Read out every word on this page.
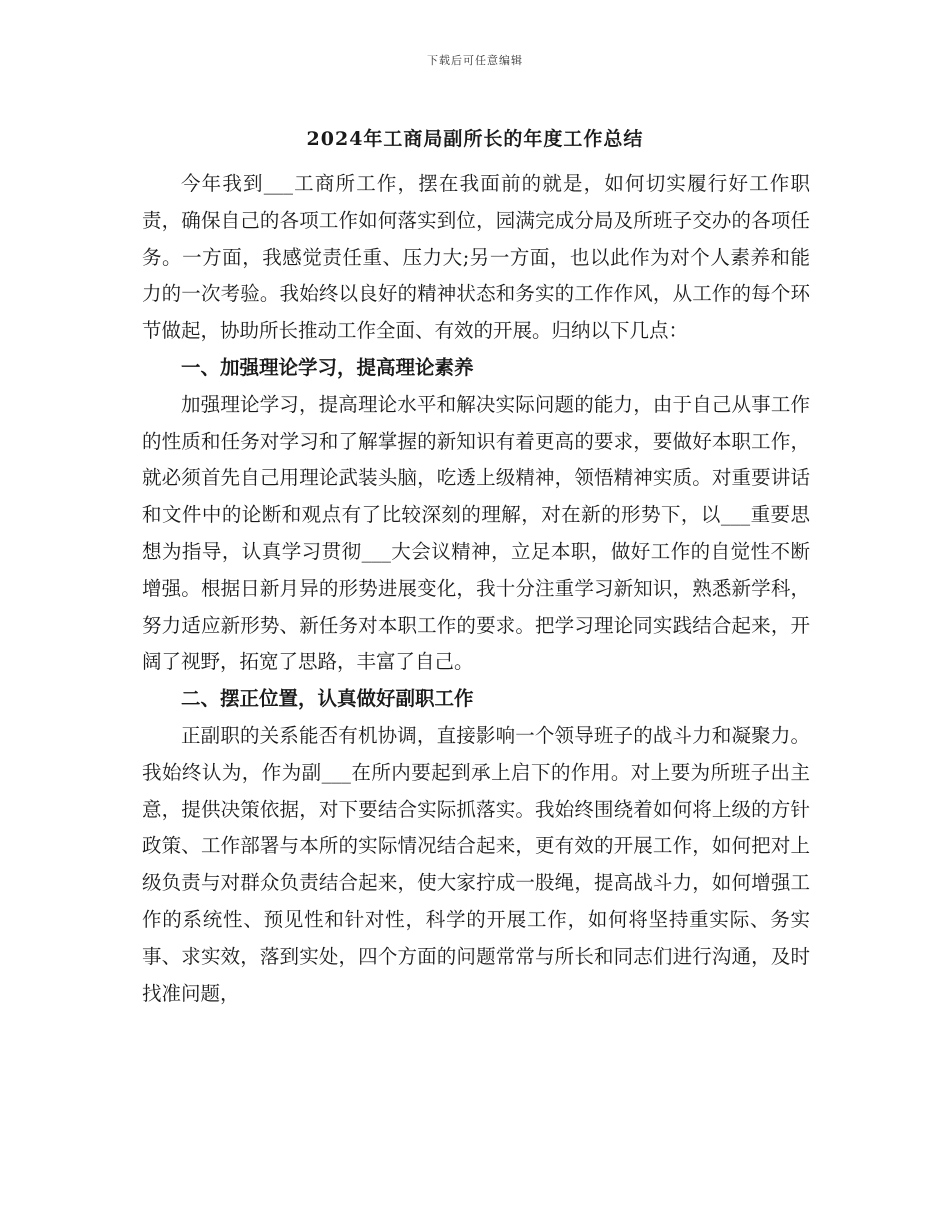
下载后可任意编辑
2024年工商局副所长的年度工作总结

今年我到___工商所工作，摆在我面前的就是，如何切实履行好工作职责，确保自己的各项工作如何落实到位，园满完成分局及所班子交办的各项任务。一方面，我感觉责任重、压力大;另一方面，也以此作为对个人素养和能力的一次考验。我始终以良好的精神状态和务实的工作作风，从工作的每个环节做起，协助所长推动工作全面、有效的开展。归纳以下几点：

一、加强理论学习，提高理论素养

加强理论学习，提高理论水平和解决实际问题的能力，由于自己从事工作的性质和任务对学习和了解掌握的新知识有着更高的要求，要做好本职工作，就必须首先自己用理论武装头脑，吃透上级精神，领悟精神实质。对重要讲话和文件中的论断和观点有了比较深刻的理解，对在新的形势下，以___重要思想为指导，认真学习贯彻___大会议精神，立足本职，做好工作的自觉性不断增强。根据日新月异的形势进展变化，我十分注重学习新知识，熟悉新学科，努力适应新形势、新任务对本职工作的要求。把学习理论同实践结合起来，开阔了视野，拓宽了思路，丰富了自己。

二、摆正位置，认真做好副职工作

正副职的关系能否有机协调，直接影响一个领导班子的战斗力和凝聚力。我始终认为，作为副___在所内要起到承上启下的作用。对上要为所班子出主意，提供决策依据，对下要结合实际抓落实。我始终围绕着如何将上级的方针政策、工作部署与本所的实际情况结合起来，更有效的开展工作，如何把对上级负责与对群众负责结合起来，使大家拧成一股绳，提高战斗力，如何增强工作的系统性、预见性和针对性，科学的开展工作，如何将坚持重实际、务实事、求实效，落到实处，四个方面的问题常常与所长和同志们进行沟通，及时找准问题，
